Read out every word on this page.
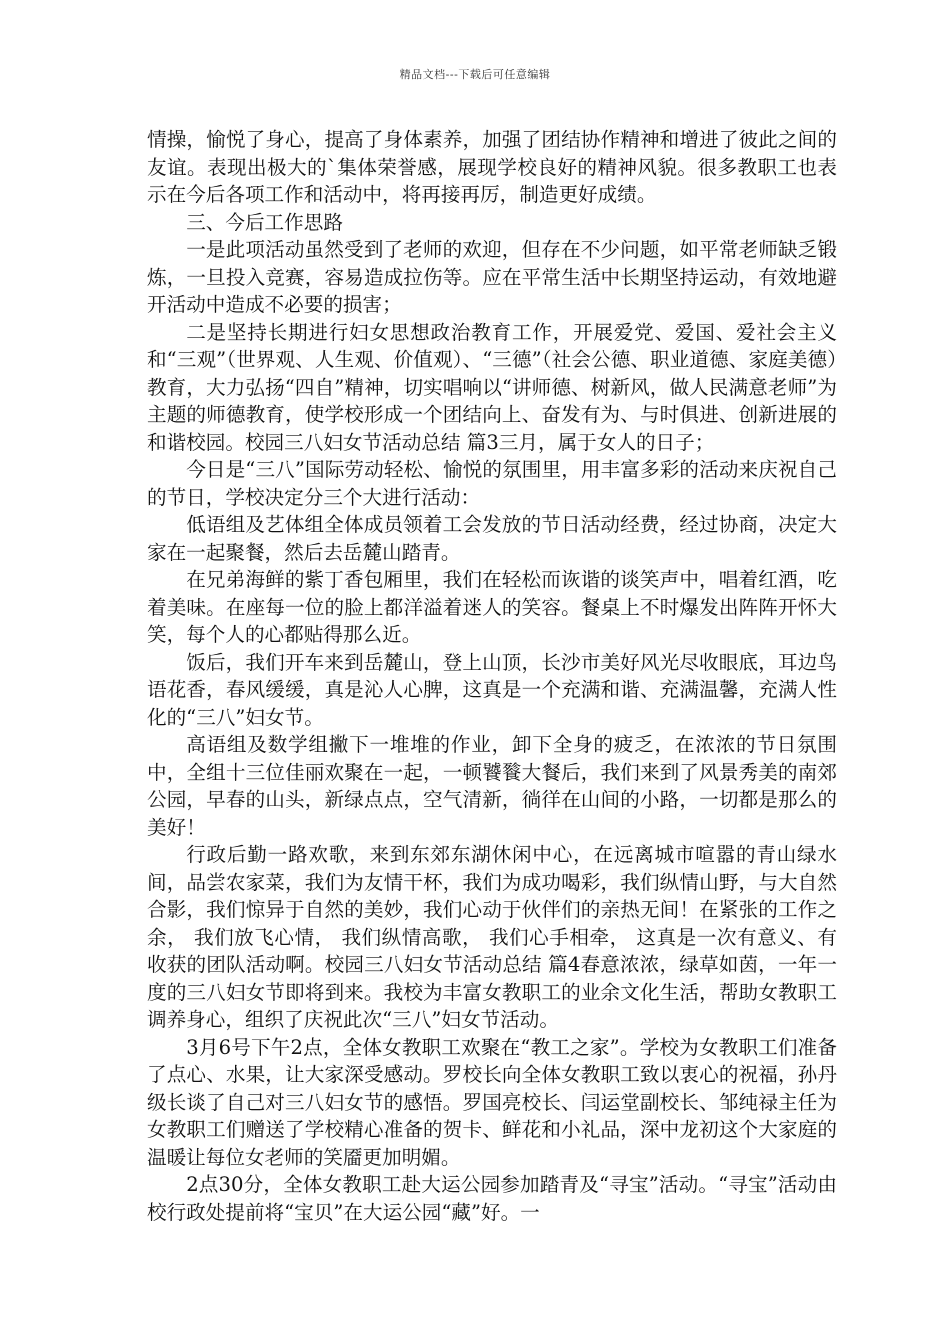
精品文档---下载后可任意编辑

情操，愉悦了身心，提高了身体素养，加强了团结协作精神和增进了彼此之间的友谊。表现出极大的`集体荣誉感，展现学校良好的精神风貌。很多教职工也表示在今后各项工作和活动中，将再接再厉，制造更好成绩。

三、今后工作思路

一是此项活动虽然受到了老师的欢迎，但存在不少问题，如平常老师缺乏锻炼，一旦投入竞赛，容易造成拉伤等。应在平常生活中长期坚持运动，有效地避开活动中造成不必要的损害；

二是坚持长期进行妇女思想政治教育工作，开展爱党、爱国、爱社会主义和“三观”（世界观、人生观、价值观）、“三德”（社会公德、职业道德、家庭美德）教育，大力弘扬“四自”精神，切实唱响以“讲师德、树新风，做人民满意老师”为主题的师德教育，使学校形成一个团结向上、奋发有为、与时俱进、创新进展的和谐校园。校园三八妇女节活动总结 篇3三月，属于女人的日子；

今日是“三八”国际劳动轻松、愉悦的氛围里，用丰富多彩的活动来庆祝自己的节日，学校决定分三个大进行活动：

低语组及艺体组全体成员领着工会发放的节日活动经费，经过协商，决定大家在一起聚餐，然后去岳麓山踏青。

在兄弟海鲜的紫丁香包厢里，我们在轻松而诙谐的谈笑声中，唱着红酒，吃着美味。在座每一位的脸上都洋溢着迷人的笑容。餐桌上不时爆发出阵阵开怀大笑，每个人的心都贴得那么近。

饭后，我们开车来到岳麓山，登上山顶，长沙市美好风光尽收眼底，耳边鸟语花香，春风缓缓，真是沁人心脾，这真是一个充满和谐、充满温馨，充满人性化的“三八”妇女节。

高语组及数学组撇下一堆堆的作业，卸下全身的疲乏，在浓浓的节日氛围中，全组十三位佳丽欢聚在一起，一顿饕餮大餐后，我们来到了风景秀美的南郊公园，早春的山头，新绿点点，空气清新，徜徉在山间的小路，一切都是那么的美好！

行政后勤一路欢歌，来到东郊东湖休闲中心，在远离城市喧嚣的青山绿水间，品尝农家菜，我们为友情干杯，我们为成功喝彩，我们纵情山野，与大自然合影，我们惊异于自然的美妙，我们心动于伙伴们的亲热无间！在紧张的工作之余， 我们放飞心情， 我们纵情高歌， 我们心手相牵， 这真是一次有意义、有收获的团队活动啊。校园三八妇女节活动总结 篇4春意浓浓，绿草如茵，一年一度的三八妇女节即将到来。我校为丰富女教职工的业余文化生活，帮助女教职工调养身心，组织了庆祝此次“三八”妇女节活动。

3月6号下午2点，全体女教职工欢聚在“教工之家”。学校为女教职工们准备了点心、水果，让大家深受感动。罗校长向全体女教职工致以衷心的祝福，孙丹级长谈了自己对三八妇女节的感悟。罗国亮校长、闫运堂副校长、邹纯禄主任为女教职工们赠送了学校精心准备的贺卡、鲜花和小礼品，深中龙初这个大家庭的温暖让每位女老师的笑靥更加明媚。

2点30分，全体女教职工赴大运公园参加踏青及“寻宝”活动。“寻宝”活动由校行政处提前将“宝贝”在大运公园“藏”好。一
